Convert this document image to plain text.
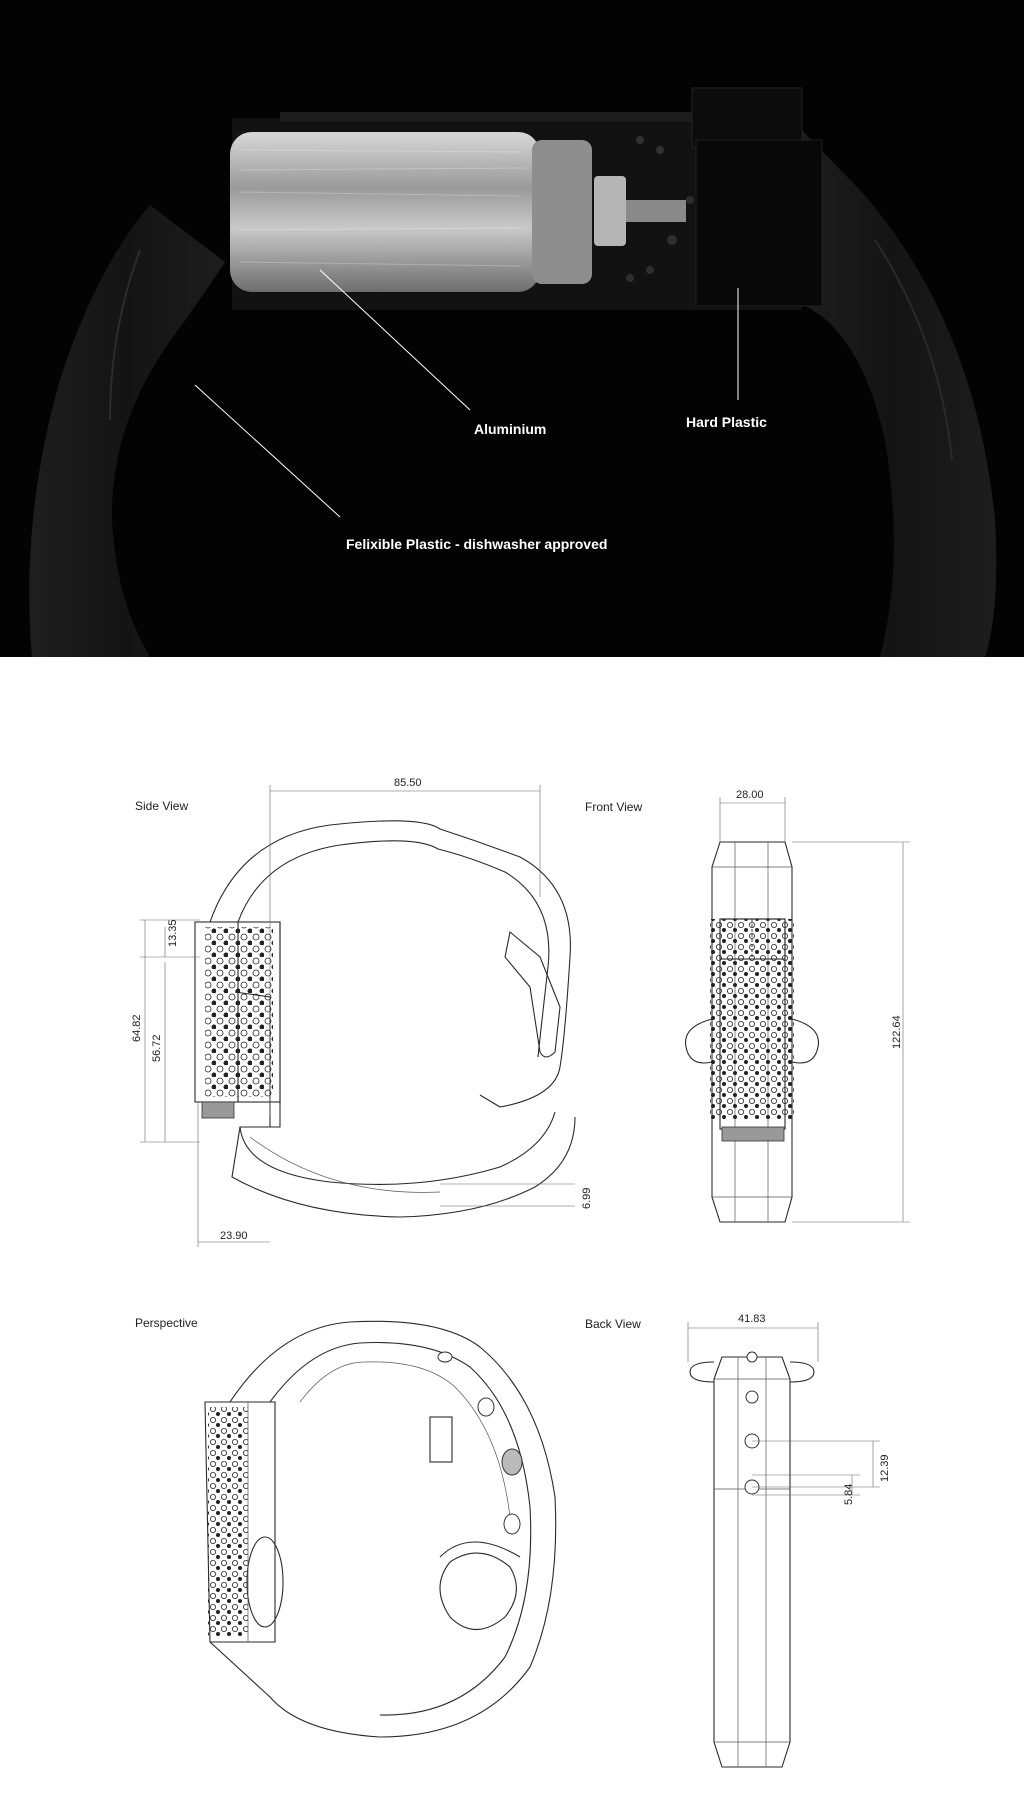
Aluminium	Hard Plastic
Felixible Plastic - dishwasher approved
Side View
85.50
13.35
64.82
56.72
6.99
23.90
Front View
28.00
122.64
Perspective	Back View	41.83
12.39
5.84
